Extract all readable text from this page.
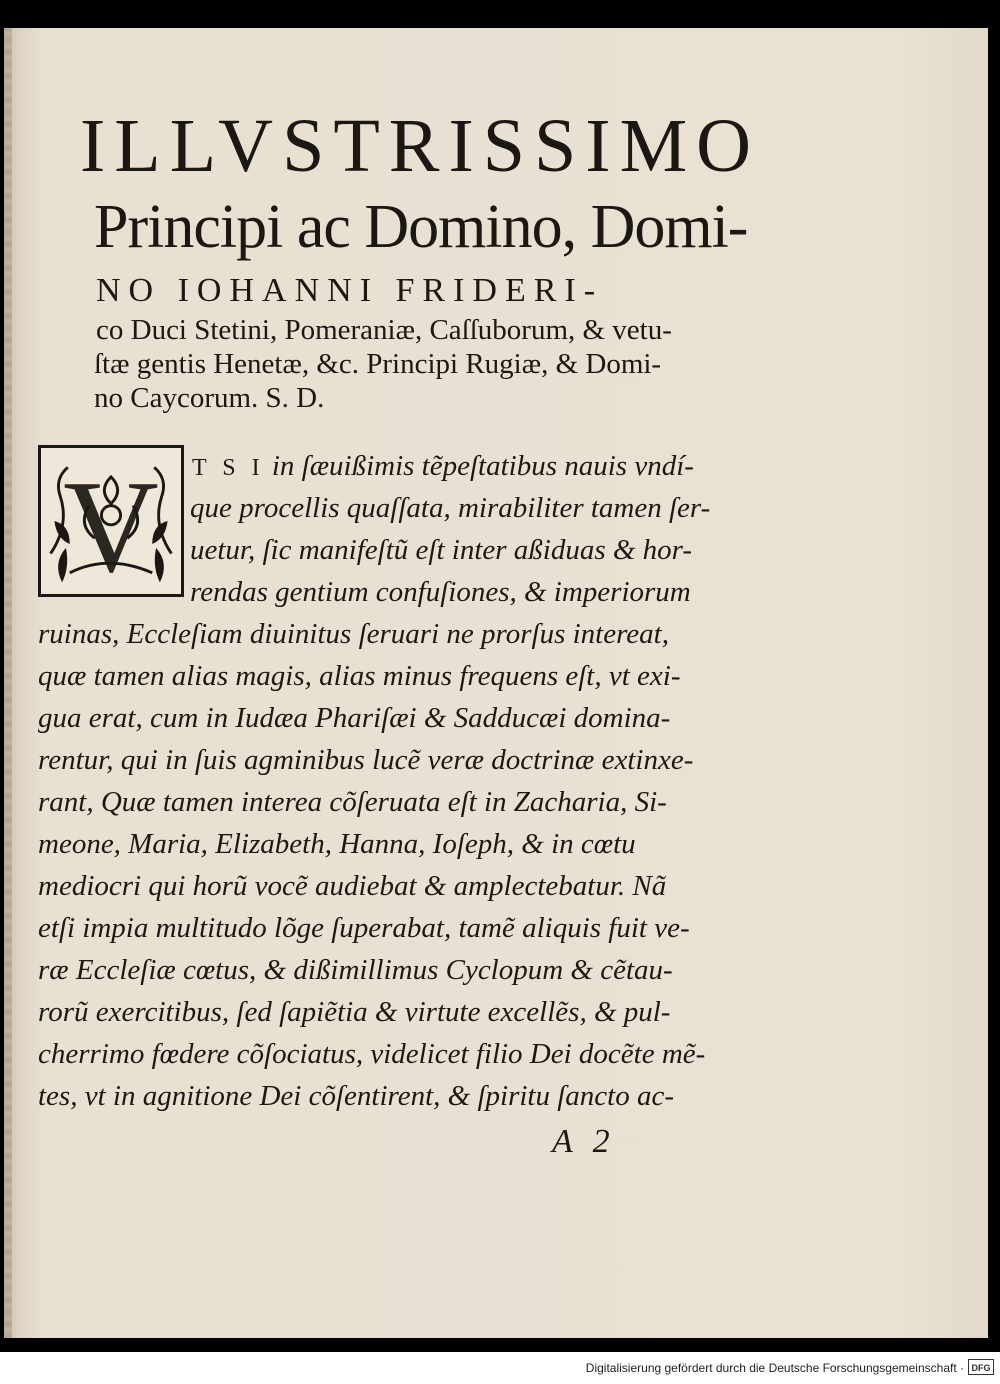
ILLVSTRISSIMO
Principi ac Domino, Domi-
NO IOHANNI FRIDERI-
co Duci Stetini, Pomeraniæ, Caſſuborum, & vetu-
ſtæ gentis Henetæ, &c. Principi Rugiæ, & Domi-
no Caycorum. S. D.
V T S I in ſæuißimis tẽpeſtatibus nauis vndí-
que procellis quaſſata, mirabiliter tamen ſer-
uetur, ſic manifeſtũ eſt inter aßiduas & hor-
rendas gentium confuſiones, & imperiorum
ruinas, Eccleſiam diuinitus ſeruari ne prorſus intereat,
quæ tamen alias magis, alias minus frequens eſt, vt exi-
gua erat, cum in Iudæa Phariſæi & Sadducæi domina-
rentur, qui in ſuis agminibus lucẽ veræ doctrinæ extinxe-
rant, Quæ tamen interea cõſeruata eſt in Zacharia, Si-
meone, Maria, Elizabeth, Hanna, Ioſeph, & in cœtu
mediocri qui horũ vocẽ audiebat & amplectebatur. Nã
etſi impia multitudo lõge ſuperabat, tamẽ aliquis fuit ve-
ræ Eccleſiæ cœtus, & dißimillimus Cyclopum & cẽtau-
rorũ exercitibus, ſed ſapiẽtia & virtute excellẽs, & pul-
cherrimo fœdere cõſociatus, videlicet filio Dei docẽte mẽ-
tes, vt in agnitione Dei cõſentirent, & ſpiritu ſancto ac-
A 2
Digitalisierung gefördert durch die Deutsche Forschungsgemeinschaft · DFG
